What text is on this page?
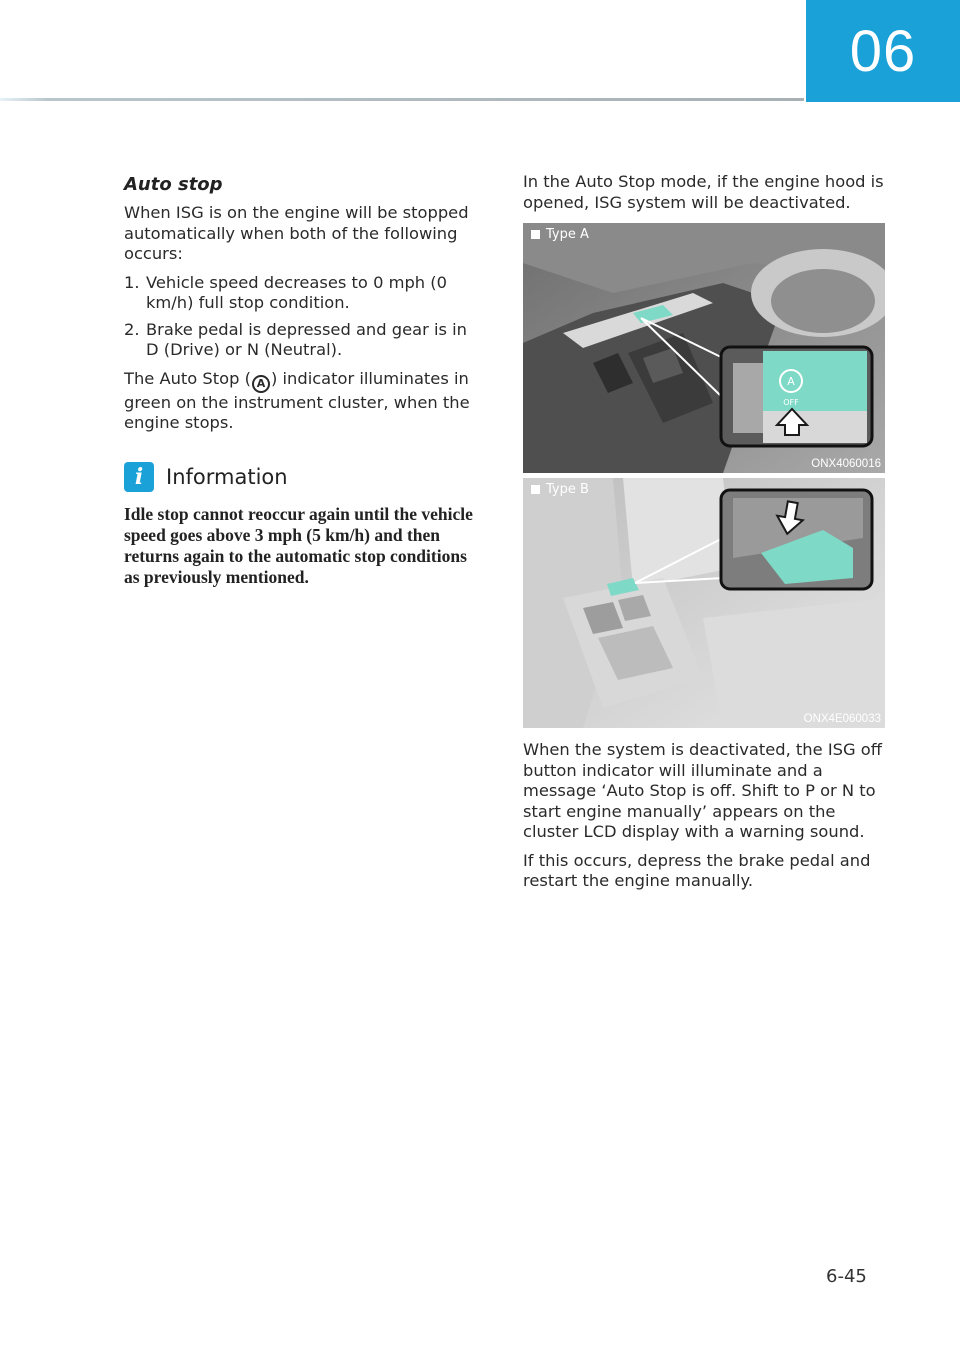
06
Auto stop

When ISG is on the engine will be stopped automatically when both of the following occurs:

1. Vehicle speed decreases to 0 mph (0 km/h) full stop condition.
2. Brake pedal is depressed and gear is in D (Drive) or N (Neutral).

The Auto Stop ( A ) indicator illuminates in green on the instrument cluster, when the engine stops.

i	Information

Idle stop cannot reoccur again until the vehicle speed goes above 3 mph (5 km/h) and then returns again to the automatic stop conditions as previously mentioned.

In the Auto Stop mode, if the engine hood is opened, ISG system will be deactivated.

A
OFF
Type A
ONX4060016
Type B
ONX4E060033

When the system is deactivated, the ISG off button indicator will illuminate and a message ‘Auto Stop is off. Shift to P or N to start engine manually’ appears on the cluster LCD display with a warning sound.

If this occurs, depress the brake pedal and restart the engine manually.

6-45
